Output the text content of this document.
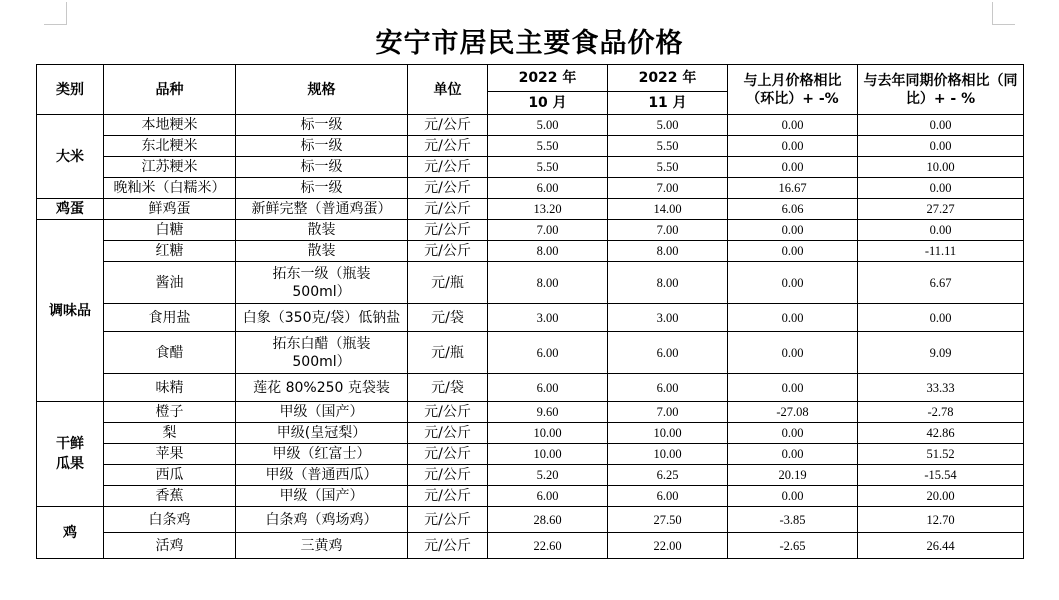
安宁市居民主要食品价格
类别	品种	规格	单位	2022 年	2022 年	与上月价格相比（环比）+ -%	与去年同期价格相比（同比）+ - %

				10 月	11 月		
大米	本地粳米	标一级	元/公斤	5.00	5.00	0.00	0.00
	东北粳米	标一级	元/公斤	5.50	5.50	0.00	0.00
	江苏粳米	标一级	元/公斤	5.50	5.50	0.00	10.00
	晚籼米（白糯米）	标一级	元/公斤	6.00	7.00	16.67	0.00
鸡蛋	鲜鸡蛋	新鲜完整（普通鸡蛋）	元/公斤	13.20	14.00	6.06	27.27
调味品	白糖	散装	元/公斤	7.00	7.00	0.00	0.00
	红糖	散装	元/公斤	8.00	8.00	0.00	-11.11
	酱油	拓东一级（瓶装500ml）	元/瓶	8.00	8.00	0.00	6.67
	食用盐	白象（350克/袋）低钠盐	元/袋	3.00	3.00	0.00	0.00
	食醋	拓东白醋（瓶装500ml）	元/瓶	6.00	6.00	0.00	9.09
	味精	莲花 80%250 克袋装	元/袋	6.00	6.00	0.00	33.33
干鲜瓜果	橙子	甲级（国产）	元/公斤	9.60	7.00	-27.08	-2.78
	梨	甲级(皇冠梨）	元/公斤	10.00	10.00	0.00	42.86
	苹果	甲级（红富士）	元/公斤	10.00	10.00	0.00	51.52
	西瓜	甲级（普通西瓜）	元/公斤	5.20	6.25	20.19	-15.54
	香蕉	甲级（国产）	元/公斤	6.00	6.00	0.00	20.00
鸡	白条鸡	白条鸡（鸡场鸡）	元/公斤	28.60	27.50	-3.85	12.70
	活鸡	三黄鸡	元/公斤	22.60	22.00	-2.65	26.44
